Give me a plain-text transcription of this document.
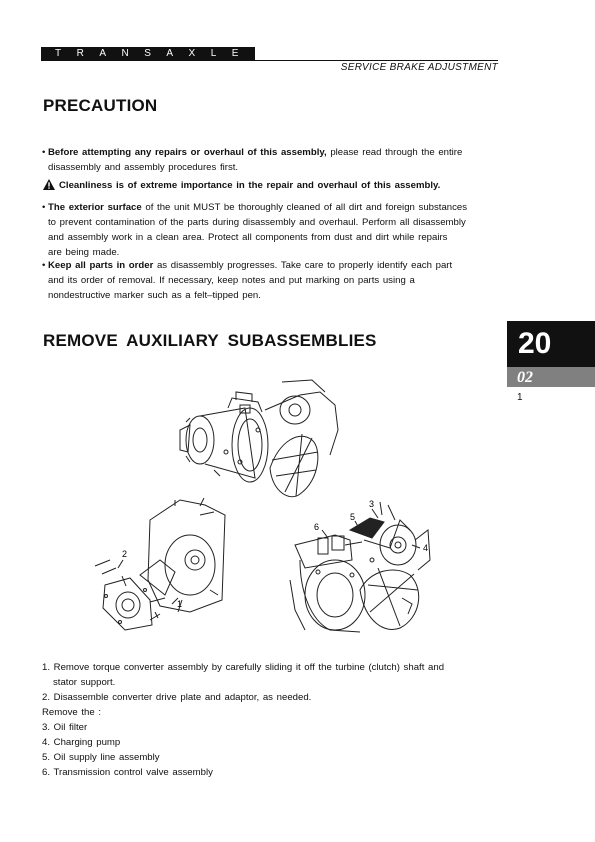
TRANSAXLE
SERVICE BRAKE ADJUSTMENT
PRECAUTION
• Before attempting any repairs or overhaul of this assembly, please read through the entire
disassembly and assembly procedures first.
Cleanliness is of extreme importance in the repair and overhaul of this assembly.
• The exterior surface of the unit MUST be thoroughly cleaned of all dirt and foreign substances
to prevent contamination of the parts during disassembly and overhaul. Perform all disassembly
and assembly work in a clean area. Protect all components from dust and dirt while repairs
are being made.
• Keep all parts in order as disassembly progresses. Take care to properly identify each part
and its order of removal. If necessary, keep notes and put marking on parts using a
nondestructive marker such as a felt–tipped pen.
REMOVE AUXILIARY SUBASSEMBLIES	20
02
1
1
2
3
4
5
6
1. Remove torque converter assembly by carefully sliding it off the turbine (clutch) shaft and
stator support.
2. Disassemble converter drive plate and adaptor, as needed.
Remove the :
3. Oil filter
4. Charging pump
5. Oil supply line assembly
6. Transmission control valve assembly
